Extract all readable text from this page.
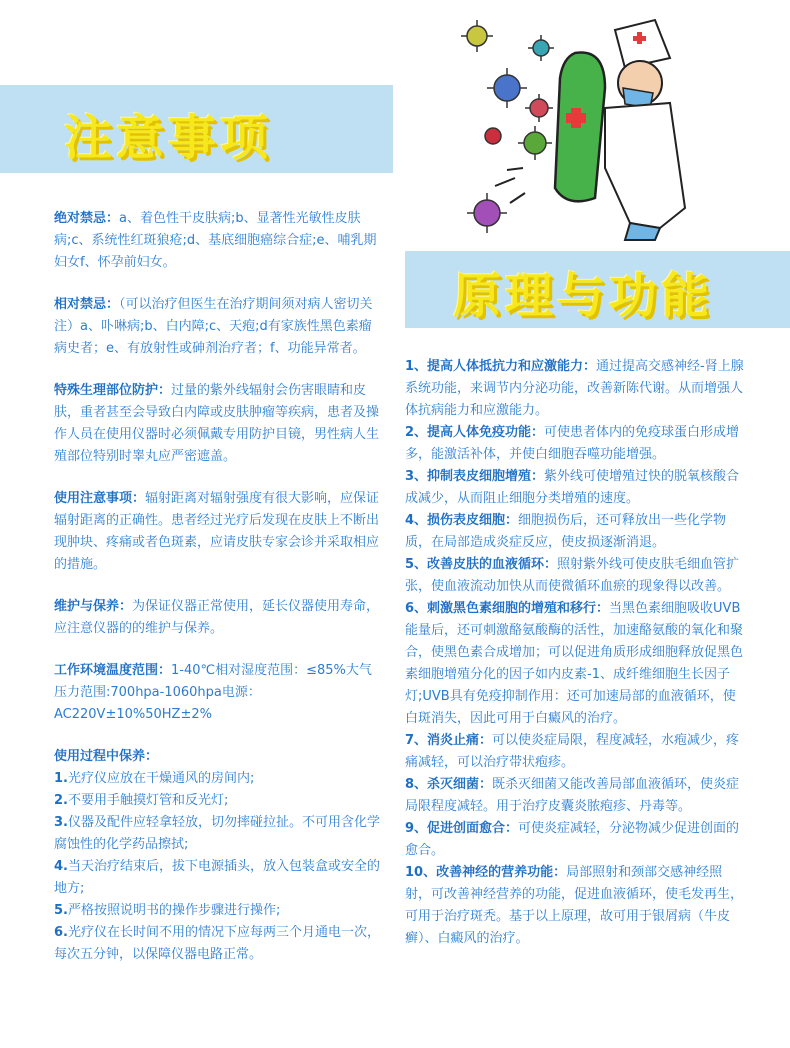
注意事项
原理与功能
绝对禁忌：a、着色性干皮肤病;b、显著性光敏性皮肤病;c、系统性红斑狼疮;d、基底细胞癌综合症;e、哺乳期妇女f、怀孕前妇女。
相对禁忌：（可以治疗但医生在治疗期间须对病人密切关注）a、卟啉病;b、白内障;c、天疱;d有家族性黑色素瘤病史者；e、有放射性或砷剂治疗者；f、功能异常者。
特殊生理部位防护：过量的紫外线辐射会伤害眼睛和皮肤，重者甚至会导致白内障或皮肤肿瘤等疾病，患者及操作人员在使用仪器时必须佩戴专用防护目镜，男性病人生殖部位特别时睾丸应严密遮盖。
使用注意事项：辐射距离对辐射强度有很大影响，应保证辐射距离的正确性。患者经过光疗后发现在皮肤上不断出现肿块、疼痛或者色斑素，应请皮肤专家会诊并采取相应的措施。
维护与保养：为保证仪器正常使用，延长仪器使用寿命，应注意仪器的的维护与保养。
工作环境温度范围：1-40℃相对湿度范围：≤85%大气压力范围:700hpa-1060hpa电源：AC220V±10%50HZ±2%
使用过程中保养：
1.光疗仪应放在干燥通风的房间内;
2.不要用手触摸灯管和反光灯;
3.仪器及配件应轻拿轻放，切勿摔碰拉扯。不可用含化学腐蚀性的化学药品擦拭;
4.当天治疗结束后，拔下电源插头，放入包装盒或安全的地方;
5.严格按照说明书的操作步骤进行操作;
6.光疗仪在长时间不用的情况下应每两三个月通电一次，每次五分钟，以保障仪器电路正常。
1、提高人体抵抗力和应激能力：通过提高交感神经-肾上腺系统功能，来调节内分泌功能，改善新陈代谢。从而增强人体抗病能力和应激能力。
2、提高人体免疫功能：可使患者体内的免疫球蛋白形成增多，能激活补体，并使白细胞吞噬功能增强。
3、抑制表皮细胞增殖：紫外线可使增殖过快的脱氧核酸合成减少，从而阻止细胞分类增殖的速度。
4、损伤表皮细胞：细胞损伤后，还可释放出一些化学物质，在局部造成炎症反应，使皮损逐渐消退。
5、改善皮肤的血液循环：照射紫外线可使皮肤毛细血管扩张，使血液流动加快从而使微循环血瘀的现象得以改善。
6、刺激黑色素细胞的增殖和移行：当黑色素细胞吸收UVB能量后，还可刺激酪氨酸酶的活性，加速酪氨酸的氧化和聚合，使黑色素合成增加；可以促进角质形成细胞释放促黑色素细胞增殖分化的因子如内皮素-1、成纤维细胞生长因子灯;UVB具有免疫抑制作用：还可加速局部的血液循环，使白斑消失，因此可用于白癜风的治疗。
7、消炎止痛：可以使炎症局限，程度减轻，水疱减少，疼痛减轻，可以治疗带状疱疹。
8、杀灭细菌：既杀灭细菌又能改善局部血液循环，使炎症局限程度减轻。用于治疗皮囊炎脓疱疹、丹毒等。
9、促进创面愈合：可使炎症减轻，分泌物减少促进创面的愈合。
10、改善神经的营养功能：局部照射和颈部交感神经照射，可改善神经营养的功能，促进血液循环，使毛发再生，可用于治疗斑秃。基于以上原理，故可用于银屑病（牛皮癣）、白癜风的治疗。
